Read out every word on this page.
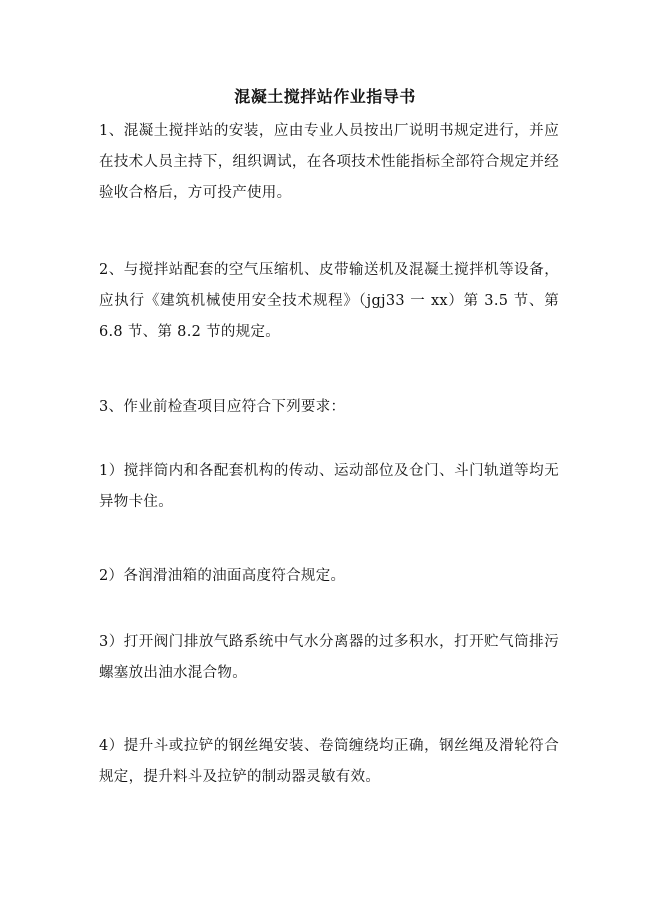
混凝土搅拌站作业指导书
1、混凝土搅拌站的安装，应由专业人员按出厂说明书规定进行，并应在技术人员主持下，组织调试，在各项技术性能指标全部符合规定并经验收合格后，方可投产使用。
2、与搅拌站配套的空气压缩机、皮带输送机及混凝土搅拌机等设备，应执行《建筑机械使用安全技术规程》（jgj33 一 xx）第 3.5 节、第 6.8 节、第 8.2 节的规定。
3、作业前检查项目应符合下列要求：
1）搅拌筒内和各配套机构的传动、运动部位及仓门、斗门轨道等均无异物卡住。
2）各润滑油箱的油面高度符合规定。
3）打开阀门排放气路系统中气水分离器的过多积水，打开贮气筒排污螺塞放出油水混合物。
4）提升斗或拉铲的钢丝绳安装、卷筒缠绕均正确，钢丝绳及滑轮符合规定，提升料斗及拉铲的制动器灵敏有效。
